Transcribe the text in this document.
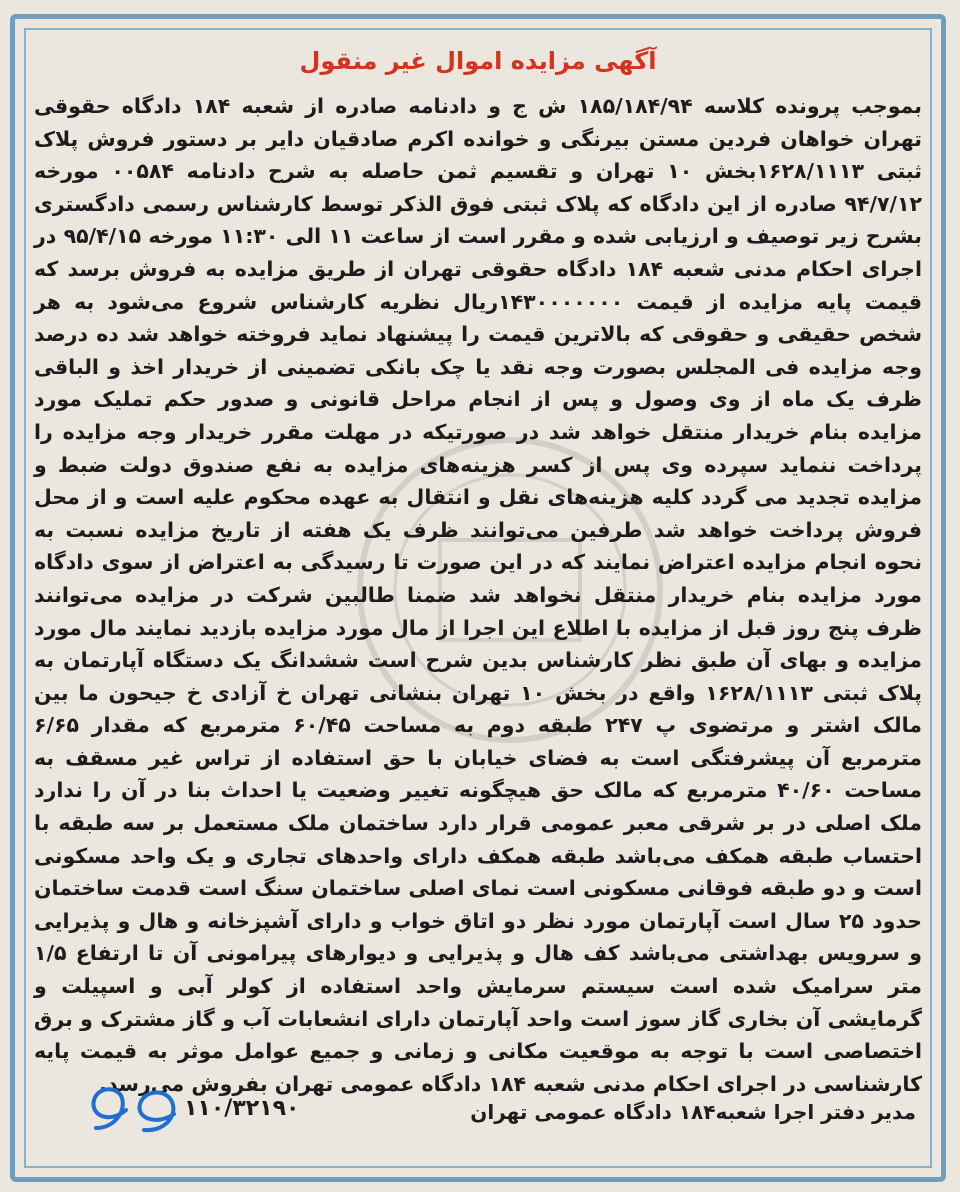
آگهی مزایده اموال غیر منقول

بموجب پرونده کلاسه ۱۸۵/۱۸۴/۹۴ ش ج و دادنامه صادره از شعبه ۱۸۴ دادگاه حقوقی تهران خواهان فردین مستن بیرنگی و خوانده اکرم صادقیان دایر بر دستور فروش پلاک ثبتی ۱۶۲۸/۱۱۱۳بخش ۱۰ تهران و تقسیم ثمن حاصله به شرح دادنامه ۰۰۵۸۴ مورخه ۹۴/۷/۱۲ صادره از این دادگاه که پلاک ثبتی فوق الذکر توسط کارشناس رسمی دادگستری بشرح زیر توصیف و ارزیابی شده و مقرر است از ساعت ۱۱ الی ۱۱:۳۰ مورخه ۹۵/۴/۱۵ در اجرای احکام مدنی شعبه ۱۸۴ دادگاه حقوقی تهران از طریق مزایده به فروش برسد که قیمت پایه مزایده از قیمت ۱۴۳۰۰۰۰۰۰۰ریال نظریه کارشناس شروع می‌شود به هر شخص حقیقی و حقوقی که بالاترین قیمت را پیشنهاد نماید فروخته خواهد شد ده درصد وجه مزایده فی المجلس بصورت وجه نقد یا چک بانکی تضمینی از خریدار اخذ و الباقی ظرف یک ماه از وی وصول و پس از انجام مراحل قانونی و صدور حکم تملیک مورد مزایده بنام خریدار منتقل خواهد شد در صورتیکه در مهلت مقرر خریدار وجه مزایده را پرداخت ننماید سپرده وی پس از کسر هزینه‌های مزایده به نفع صندوق دولت ضبط و مزایده تجدید می گردد کلیه هزینه‌های نقل و انتقال به عهده محکوم علیه است و از محل فروش پرداخت خواهد شد طرفین می‌توانند ظرف یک هفته از تاریخ مزایده نسبت به نحوه انجام مزایده اعتراض نمایند که در این صورت تا رسیدگی به اعتراض از سوی دادگاه مورد مزایده بنام خریدار منتقل نخواهد شد ضمنا طالبین شرکت در مزایده می‌توانند ظرف پنج روز قبل از مزایده با اطلاع این اجرا از مال مورد مزایده بازدید نمایند مال مورد مزایده و بهای آن طبق نظر کارشناس بدین شرح است ششدانگ یک دستگاه آپارتمان به پلاک ثبتی ۱۶۲۸/۱۱۱۳ واقع در بخش ۱۰ تهران بنشانی تهران خ آزادی خ جیحون ما بین مالک اشتر و مرتضوی پ ۲۴۷ طبقه دوم به مساحت ۶۰/۴۵ مترمربع که مقدار ۶/۶۵ مترمربع آن پیشرفتگی است به فضای خیابان با حق استفاده از تراس غیر مسقف به مساحت ۴۰/۶۰ مترمربع که مالک حق هیچگونه تغییر وضعیت یا احداث بنا در آن را ندارد ملک اصلی در بر شرقی معبر عمومی قرار دارد ساختمان ملک مستعمل بر سه طبقه با احتساب طبقه همکف می‌باشد طبقه همکف دارای واحدهای تجاری و یک واحد مسکونی است و دو طبقه فوقانی مسکونی است نمای اصلی ساختمان سنگ است قدمت ساختمان حدود ۲۵ سال است آپارتمان مورد نظر دو اتاق خواب و دارای آشپزخانه و هال و پذیرایی و سرویس بهداشتی می‌باشد کف هال و پذیرایی و دیوارهای پیرامونی آن تا ارتفاع ۱/۵ متر سرامیک شده است سیستم سرمایش واحد استفاده از کولر آبی و اسپیلت و گرمایشی آن بخاری گاز سوز است واحد آپارتمان دارای انشعابات آب و گاز مشترک و برق اختصاصی است با توجه به موقعیت مکانی و زمانی و جمیع عوامل موثر به قیمت پایه کارشناسی در اجرای احکام مدنی شعبه ۱۸۴ دادگاه عمومی تهران بفروش می‌رسد.

مدیر دفتر اجرا شعبه۱۸۴ دادگاه عمومی تهران
۱۱۰/۳۲۱۹۰
